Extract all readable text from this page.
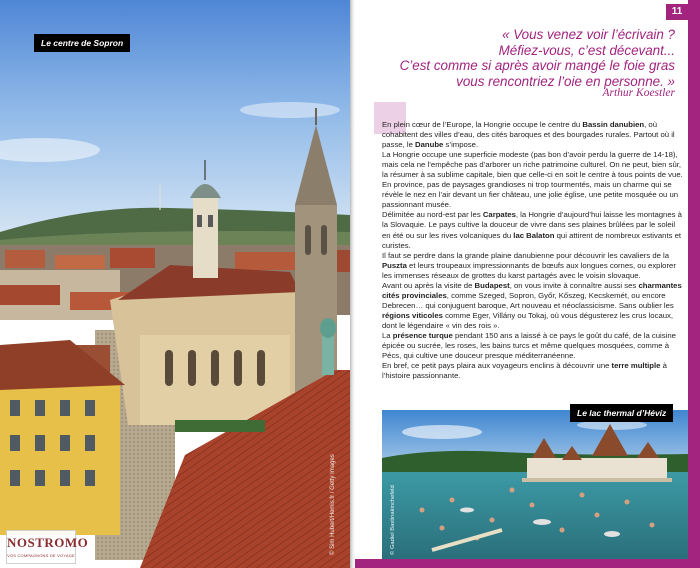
Le centre de Sopron
© Sim Hubert/Hemis.fr / Getty Images
NOSTROMO
VOS COMPAGNONS DE VOYAGE
11
« Vous venez voir l’écrivain ?
Méfiez-vous, c’est décevant...
C’est comme si après avoir mangé le foie gras
vous rencontriez l’oie en personne. »
Arthur Koestler

En plein cœur de l’Europe, la Hongrie occupe le centre du Bassin danubien, où cohabitent des villes d’eau, des cités baroques et des bourgades rurales. Partout où il passe, le Danube s’impose.

La Hongrie occupe une superficie modeste (pas bon d’avoir perdu la guerre de 14-18), mais cela ne l’empêche pas d’arborer un riche patrimoine culturel. On ne peut, bien sûr, la résumer à sa sublime capitale, bien que celle-ci en soit le centre à tous points de vue.

En province, pas de paysages grandioses ni trop tourmentés, mais un charme qui se révèle le nez en l’air devant un fier château, une jolie église, une petite mosquée ou un passionnant musée.

Délimitée au nord-est par les Carpates, la Hongrie d’aujourd’hui laisse les montagnes à la Slovaquie. Le pays cultive la douceur de vivre dans ses plaines brûlées par le soleil en été ou sur les rives volcaniques du lac Balaton qui attirent de nombreux estivants et curistes.

Il faut se perdre dans la grande plaine danubienne pour découvrir les cavaliers de la Puszta et leurs troupeaux impressionnants de bœufs aux longues cornes, ou explorer les immenses réseaux de grottes du karst partagés avec le voisin slovaque.

Avant ou après la visite de Budapest, on vous invite à connaître aussi ses charmantes cités provinciales, comme Szeged, Sopron, Győr, Kőszeg, Kecskemét, ou encore Debrecen… qui conjuguent baroque, Art nouveau et néoclassicisme. Sans oublier les régions viticoles comme Eger, Villány ou Tokaj, où vous dégusterez les crus locaux, dont le légendaire « vin des rois ».

La présence turque pendant 150 ans a laissé à ce pays le goût du café, de la cuisine épicée ou sucrée, les roses, les bains turcs et même quelques mosquées, comme à Pécs, qui cultive une douceur presque méditerranéenne.

En bref, ce petit pays plaira aux voyageurs enclins à découvrir une terre multiple à l’histoire passionnante.

© Gadiel Bastinakinchefeld
Le lac thermal d’Hévíz
